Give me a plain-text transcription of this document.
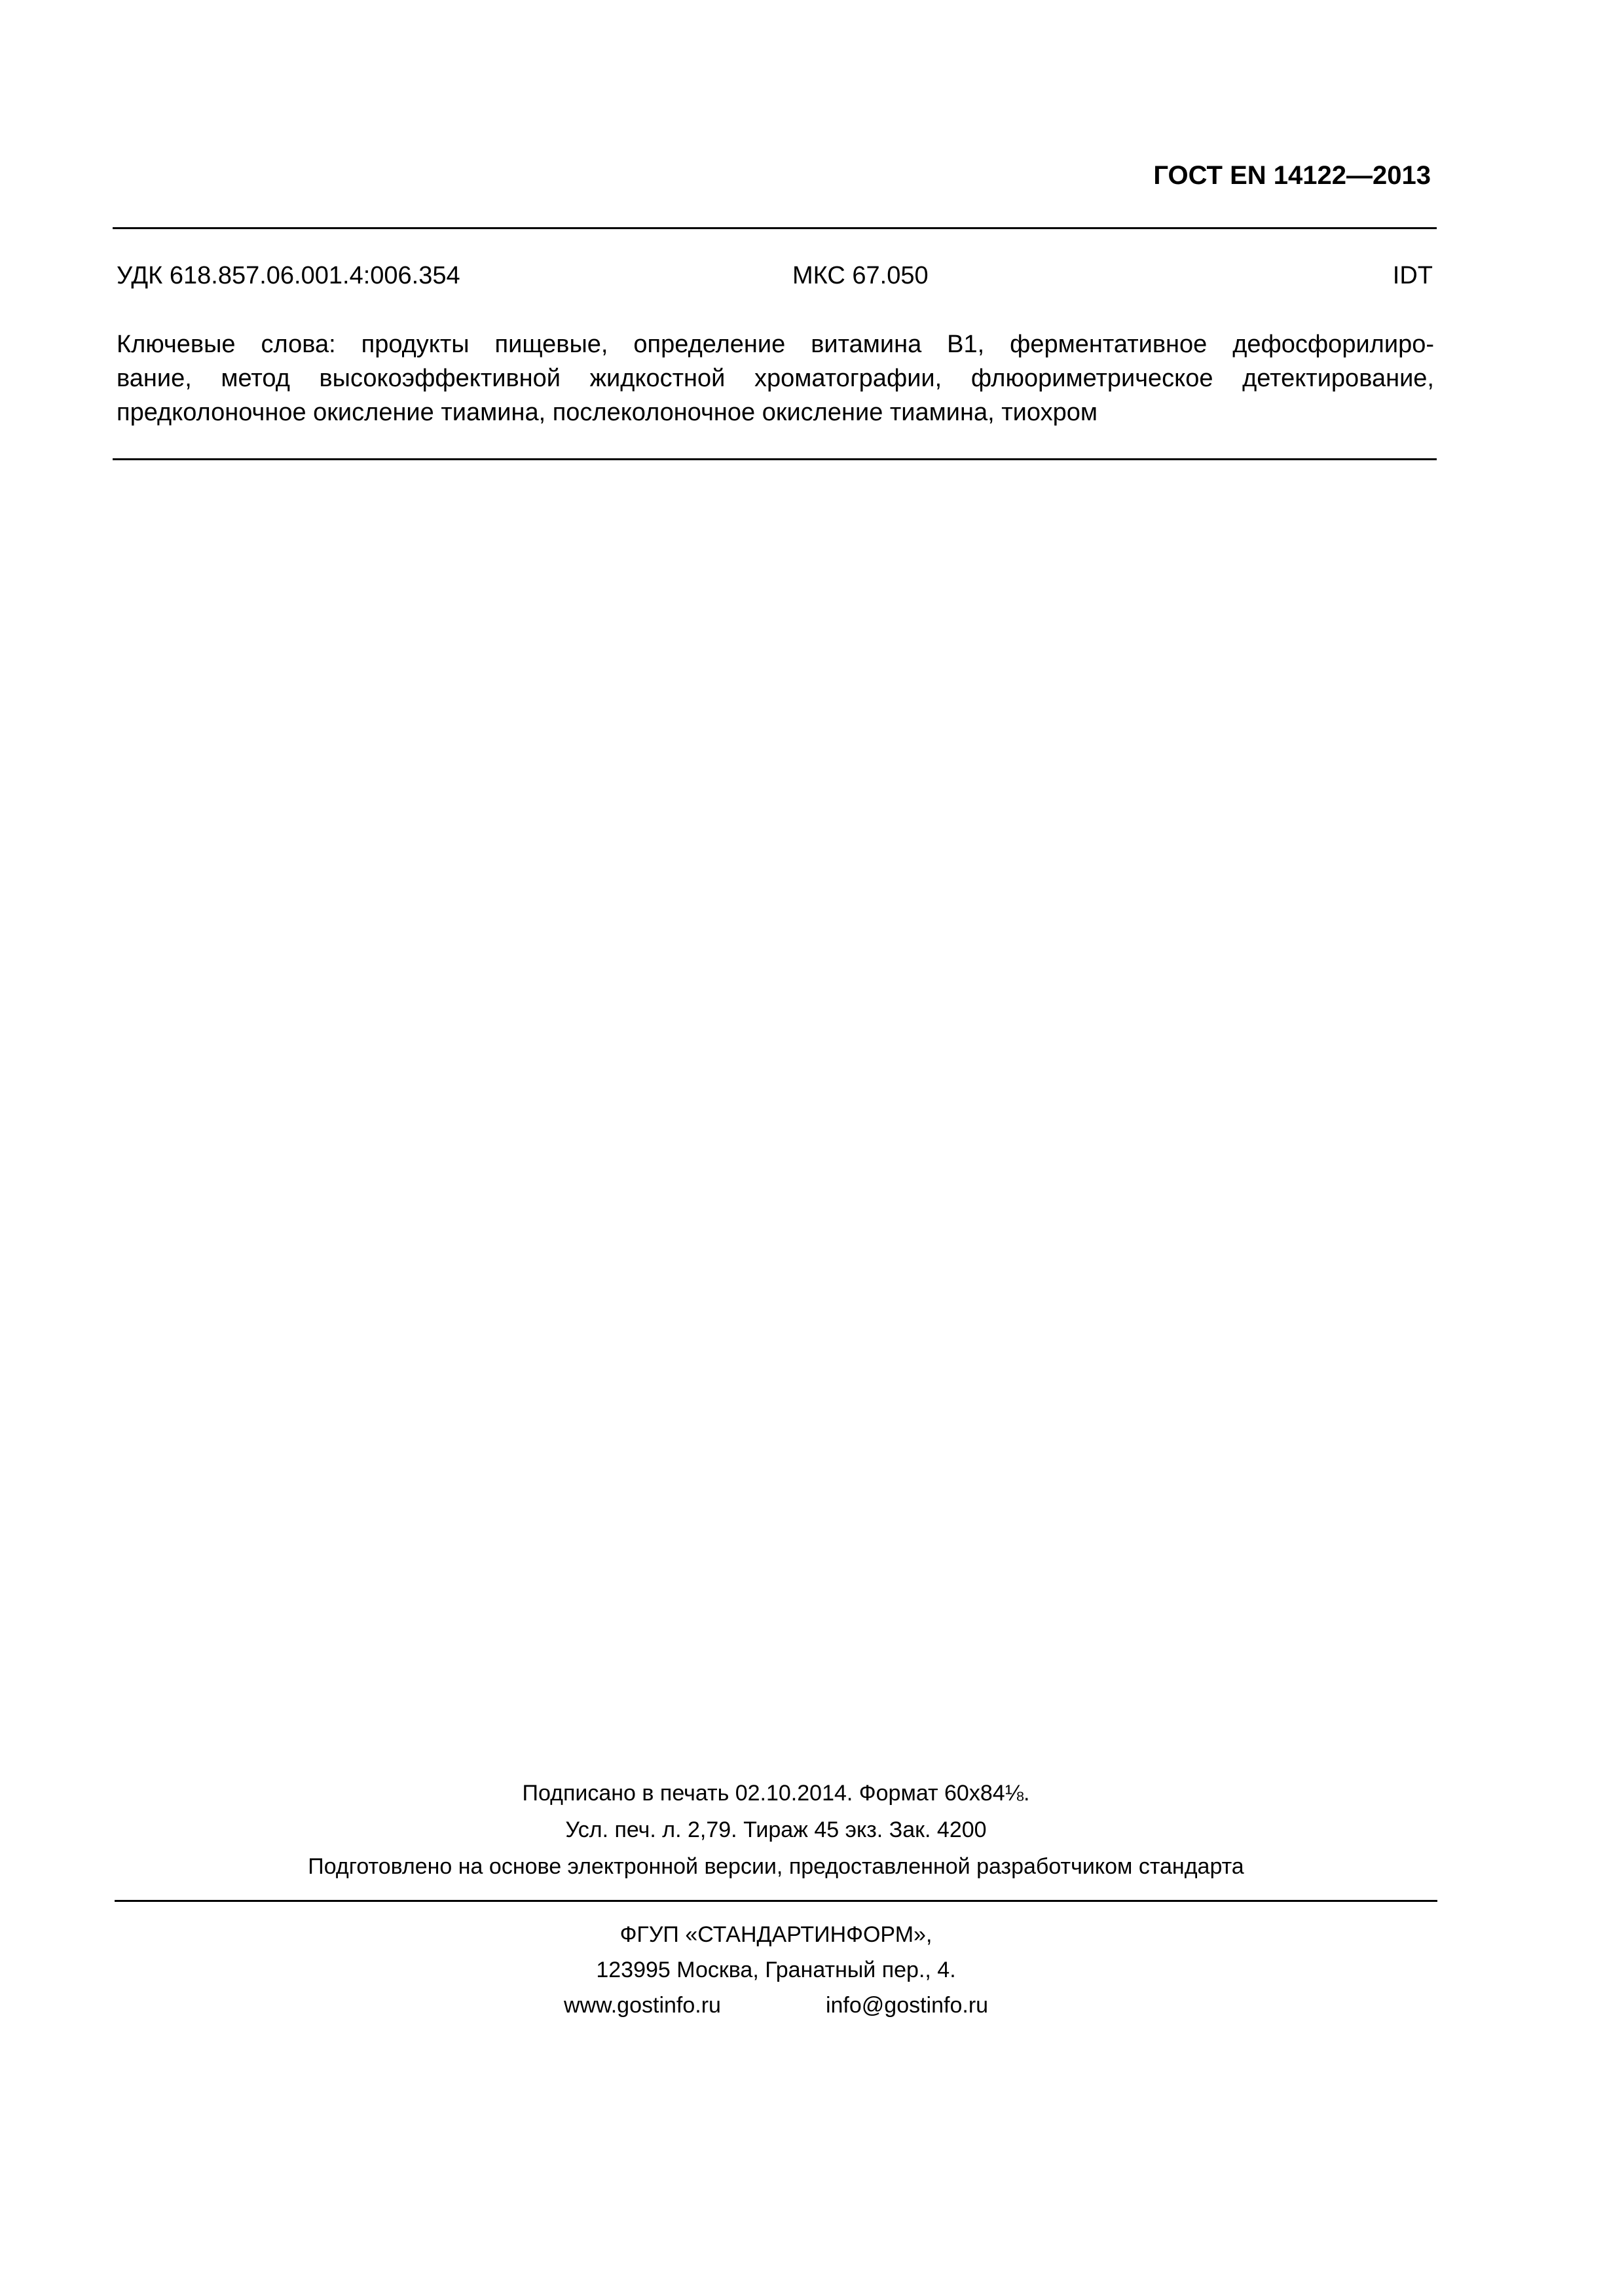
ГОСТ EN 14122—2013
УДК 618.857.06.001.4:006.354	МКС 67.050	IDT
Ключевые слова: продукты пищевые, определение витамина В1, ферментативное дефосфорилиро-
вание, метод высокоэффективной жидкостной хроматографии, флюориметрическое детектирование,
предколоночное окисление тиамина, послеколоночное окисление тиамина, тиохром
Подписано в печать 02.10.2014. Формат 60x84⅛.
Усл. печ. л. 2,79. Тираж 45 экз. Зак. 4200
Подготовлено на основе электронной версии, предоставленной разработчиком стандарта
ФГУП «СТАНДАРТИНФОРМ»,
123995 Москва, Гранатный пер., 4.
www.gostinfo.ru	info@gostinfo.ru
